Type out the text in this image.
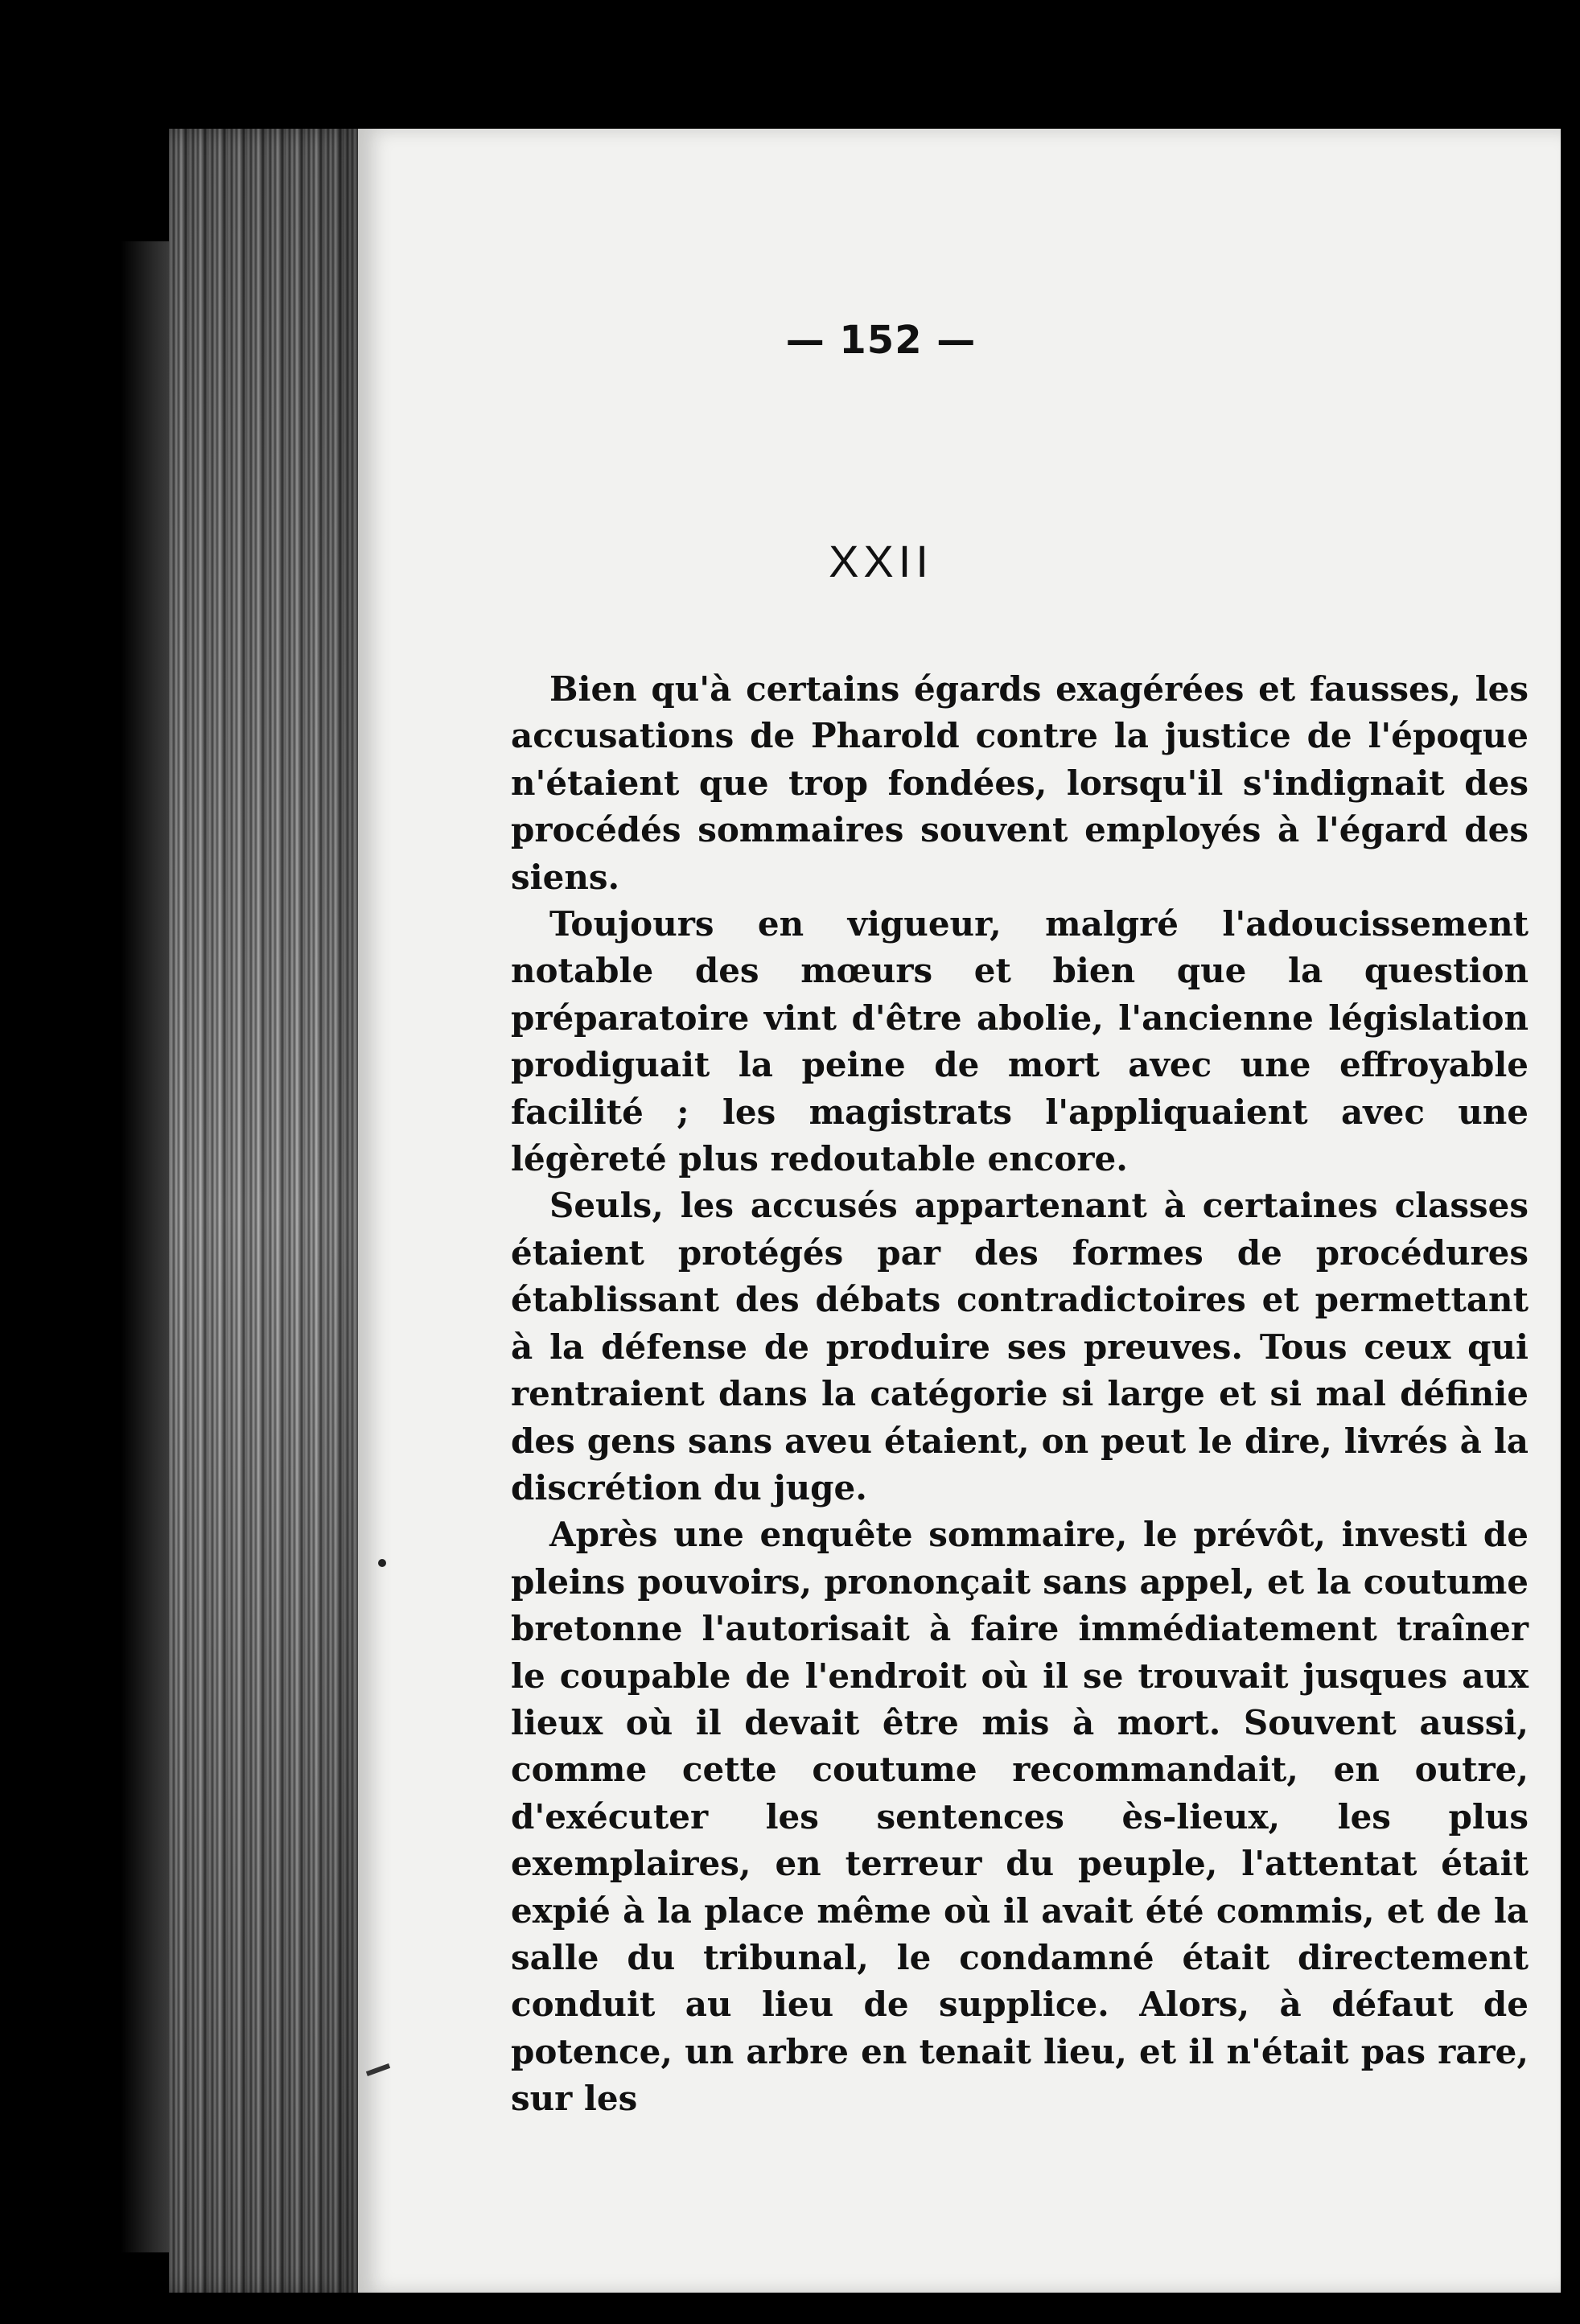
— 152 —
XXII

Bien qu'à certains égards exagérées et fausses, les accusations de Pharold contre la justice de l'époque n'étaient que trop fondées, lorsqu'il s'indignait des procédés sommaires souvent employés à l'égard des siens.

Toujours en vigueur, malgré l'adoucissement notable des mœurs et bien que la question préparatoire vint d'être abolie, l'ancienne législation prodiguait la peine de mort avec une effroyable facilité ; les magistrats l'appliquaient avec une légèreté plus redoutable encore.

Seuls, les accusés appartenant à certaines classes étaient protégés par des formes de procédures établissant des débats contradictoires et permettant à la défense de produire ses preuves. Tous ceux qui rentraient dans la catégorie si large et si mal définie des gens sans aveu étaient, on peut le dire, livrés à la discrétion du juge.

Après une enquête sommaire, le prévôt, investi de pleins pouvoirs, prononçait sans appel, et la coutume bretonne l'autorisait à faire immédiatement traîner le coupable de l'endroit où il se trouvait jusques aux lieux où il devait être mis à mort. Souvent aussi, comme cette coutume recommandait, en outre, d'exécuter les sentences ès-lieux, les plus exemplaires, en terreur du peuple, l'attentat était expié à la place même où il avait été commis, et de la salle du tribunal, le condamné était directement conduit au lieu de supplice. Alors, à défaut de potence, un arbre en tenait lieu, et il n'était pas rare, sur les
